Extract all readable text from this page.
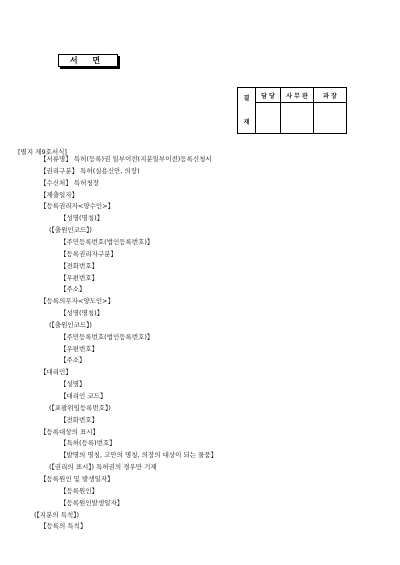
서 면
결
재	담 당	사 무 관	과 장

[별지 제9호서식]

【서류명】 특허(등록)권 일부이전(지분일부이전)등록신청서
【권리구분】 특허(실용신안, 의장)
【수신처】 특허청장
【제출일자】
【등록권리자<양수인>】
【성명(명칭)】
(【출원인코드】)
【주민등록번호(법인등록번호)】
【등록권리자구분】
【전화번호】
【우편번호】
【주소】
【등록의무자<양도인>】
【성명(명칭)】
(【출원인코드】)
【주민등록번호(법인등록번호)】
【우편번호】
【주소】
【대리인】
【성명】
【대리인 코드】
(【포괄위임등록번호】)
【전화번호】
【등록대상의 표시】
【특허(등록)번호】
【발명의 명칭, 고안의 명칭, 의장의 대상이 되는 물품】
(【권리의 표시】) 특허권의 경우만 기재
【등록원인 및 발생일자】
【등록원인】
【등록원인발생일자】
(【지분의 특칙】)
【등록의 특칙】
